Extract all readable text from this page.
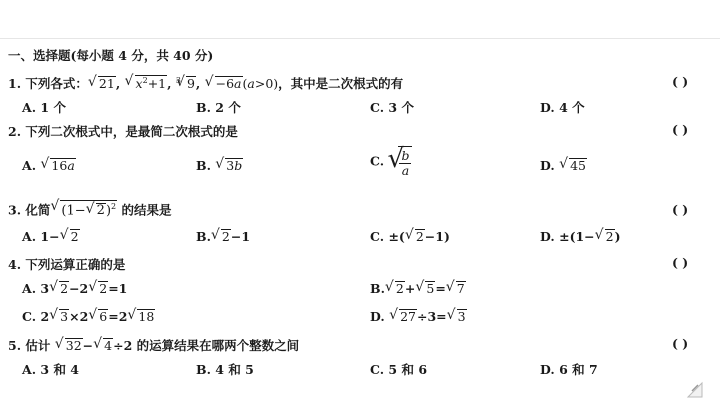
一、选择题(每小题 4 分，共 40 分)
1. 下列各式： √ 21, √ $x^2+1$, $^3$ √ 9, √ −6a(a>0)，其中是二次根式的有	( )
A. 1 个	B. 2 个	C. 3 个	D. 4 个
2. 下列二次根式中，是最简二次根式的是	( )
A. √ 16a	B. √ 3b	C. √ $\frac{b}{a}$	D. √ 45
3. 化简 √ (1− √ 2)$^2$ 的结果是	( )
A. 1− √ 2	B. √ 2−1	C. ±( √ 2−1)	D. ±(1− √ 2)
4. 下列运算正确的是	( )
A. 3 √ 2−2 √ 2=1	B. √ 2+ √ 5= √ 7
C. 2 √ 3×2 √ 6=2 √ 18	D. √ 27÷3= √ 3
5. 估计 √ 32− √ 4÷2 的运算结果在哪两个整数之间	( )
A. 3 和 4	B. 4 和 5	C. 5 和 6	D. 6 和 7
